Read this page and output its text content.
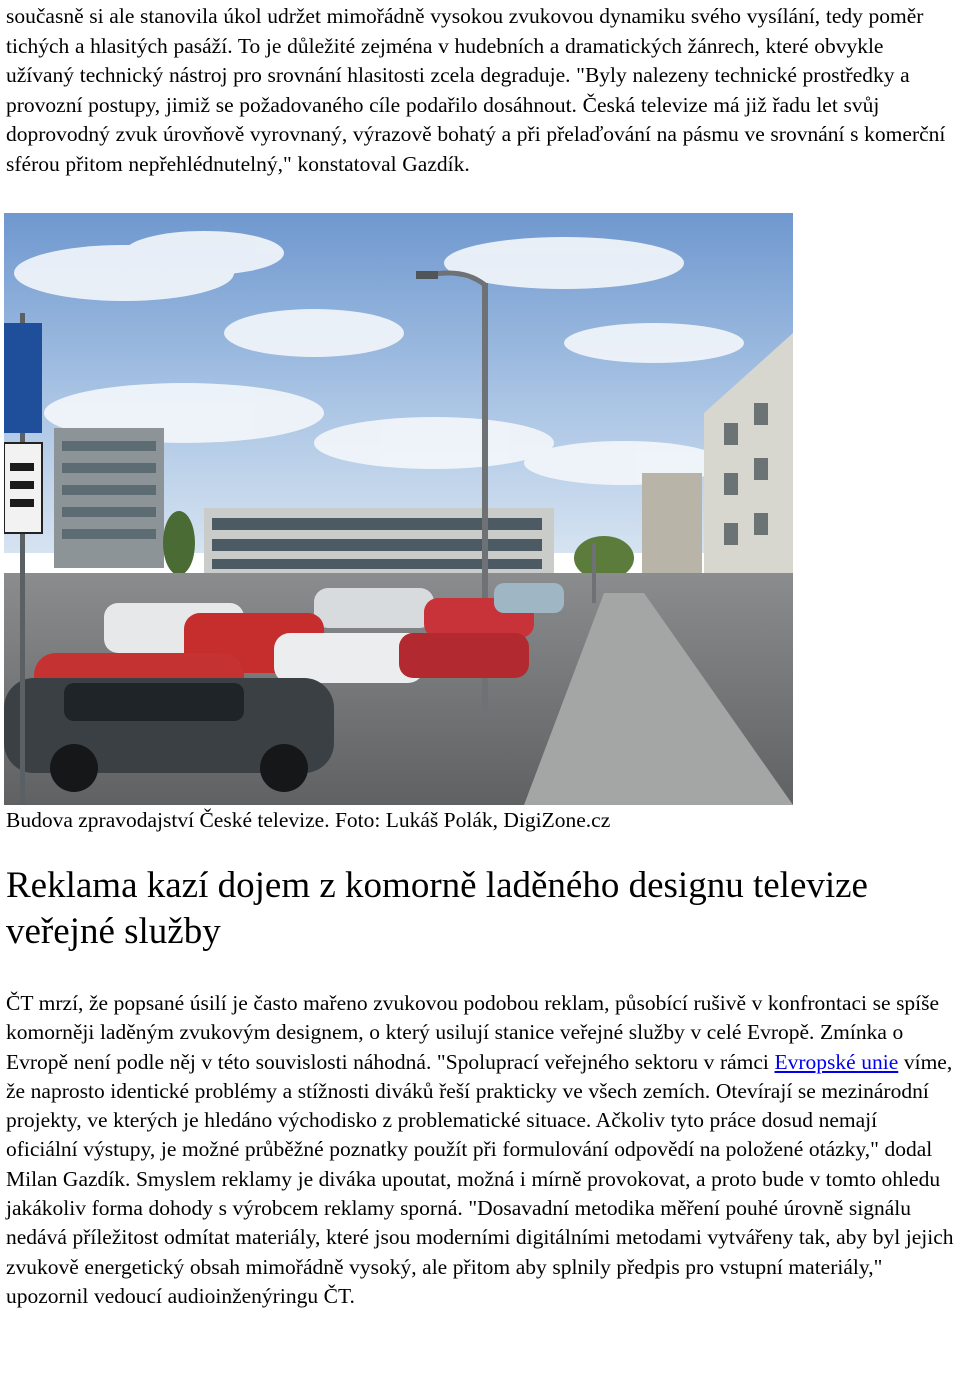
současně si ale stanovila úkol udržet mimořádně vysokou zvukovou dynamiku svého vysílání, tedy poměr tichých a hlasitých pasáží. To je důležité zejména v hudebních a dramatických žánrech, které obvykle užívaný technický nástroj pro srovnání hlasitosti zcela degraduje. "Byly nalezeny technické prostředky a provozní postupy, jimiž se požadovaného cíle podařilo dosáhnout. Česká televize má již řadu let svůj doprovodný zvuk úrovňově vyrovnaný, výrazově bohatý a při přelaďování na pásmu ve srovnání s komerční sférou přitom nepřehlédnutelný," konstatoval Gazdík.

Budova zpravodajství České televize. Foto: Lukáš Polák, DigiZone.cz

Reklama kazí dojem z komorně laděného designu televize veřejné služby

ČT mrzí, že popsané úsilí je často mařeno zvukovou podobou reklam, působící rušivě v konfrontaci se spíše komorněji laděným zvukovým designem, o který usilují stanice veřejné služby v celé Evropě. Zmínka o Evropě není podle něj v této souvislosti náhodná. "Spoluprací veřejného sektoru v rámci Evropské unie víme, že naprosto identické problémy a stížnosti diváků řeší prakticky ve všech zemích. Otevírají se mezinárodní projekty, ve kterých je hledáno východisko z problematické situace. Ačkoliv tyto práce dosud nemají oficiální výstupy, je možné průběžné poznatky použít při formulování odpovědí na položené otázky," dodal Milan Gazdík. Smyslem reklamy je diváka upoutat, možná i mírně provokovat, a proto bude v tomto ohledu jakákoliv forma dohody s výrobcem reklamy sporná. "Dosavadní metodika měření pouhé úrovně signálu nedává příležitost odmítat materiály, které jsou moderními digitálními metodami vytvářeny tak, aby byl jejich zvukově energetický obsah mimořádně vysoký, ale přitom aby splnily předpis pro vstupní materiály," upozornil vedoucí audioinženýringu ČT.
